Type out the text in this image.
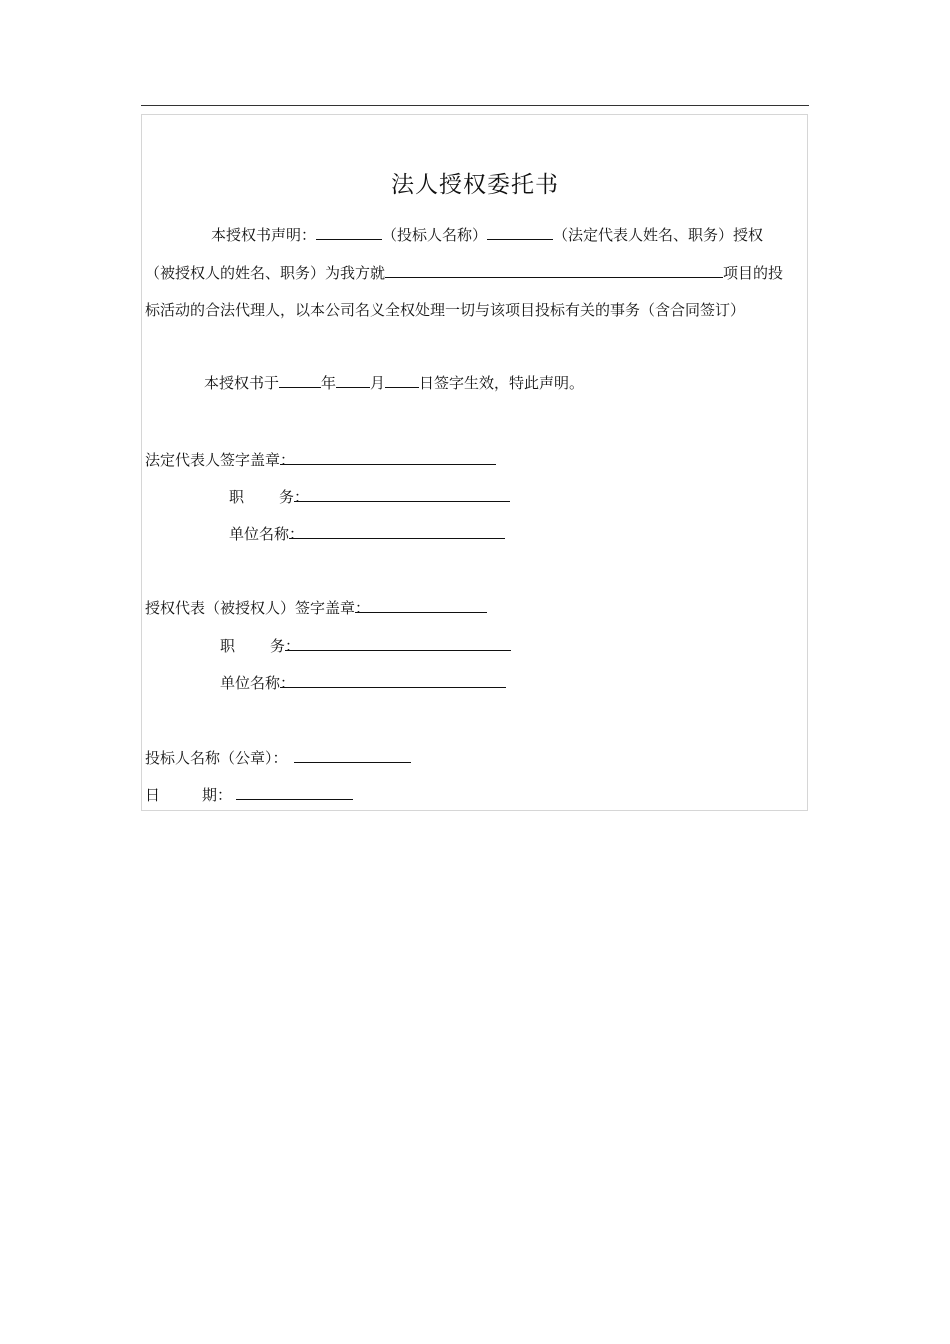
法人授权委托书
本授权书声明：	（投标人名称）	（法定代表人姓名、职务）授权
（被授权人的姓名、职务）为我方就	项目的投
标活动的合法代理人，以本公司名义全权处理一切与该项目投标有关的事务（含合同签订）
本授权书于	年 月 日签字生效，特此声明。
法定代表人签字盖章：
职 务：
单位名称：
授权代表（被授权人）签字盖章：
职 务：
单位名称：
投标人名称（公章）：
日	期：
